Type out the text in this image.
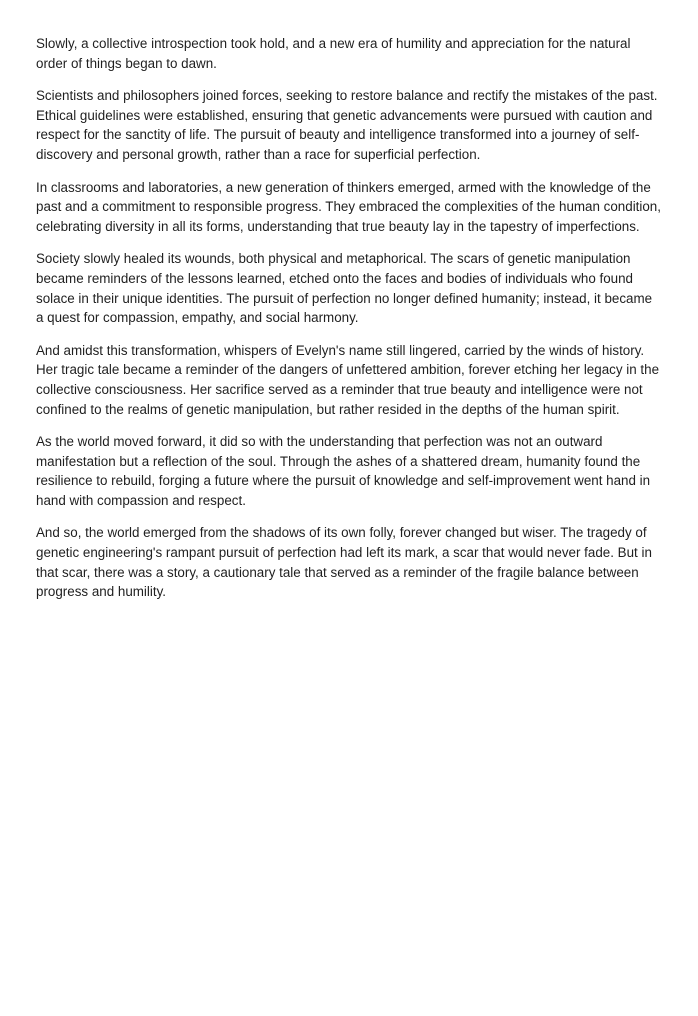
Slowly, a collective introspection took hold, and a new era of humility and appreciation for the natural order of things began to dawn.

Scientists and philosophers joined forces, seeking to restore balance and rectify the mistakes of the past. Ethical guidelines were established, ensuring that genetic advancements were pursued with caution and respect for the sanctity of life. The pursuit of beauty and intelligence transformed into a journey of self-discovery and personal growth, rather than a race for superficial perfection.

In classrooms and laboratories, a new generation of thinkers emerged, armed with the knowledge of the past and a commitment to responsible progress. They embraced the complexities of the human condition, celebrating diversity in all its forms, understanding that true beauty lay in the tapestry of imperfections.

Society slowly healed its wounds, both physical and metaphorical. The scars of genetic manipulation became reminders of the lessons learned, etched onto the faces and bodies of individuals who found solace in their unique identities. The pursuit of perfection no longer defined humanity; instead, it became a quest for compassion, empathy, and social harmony.

And amidst this transformation, whispers of Evelyn's name still lingered, carried by the winds of history. Her tragic tale became a reminder of the dangers of unfettered ambition, forever etching her legacy in the collective consciousness. Her sacrifice served as a reminder that true beauty and intelligence were not confined to the realms of genetic manipulation, but rather resided in the depths of the human spirit.

As the world moved forward, it did so with the understanding that perfection was not an outward manifestation but a reflection of the soul. Through the ashes of a shattered dream, humanity found the resilience to rebuild, forging a future where the pursuit of knowledge and self-improvement went hand in hand with compassion and respect.

And so, the world emerged from the shadows of its own folly, forever changed but wiser. The tragedy of genetic engineering's rampant pursuit of perfection had left its mark, a scar that would never fade. But in that scar, there was a story, a cautionary tale that served as a reminder of the fragile balance between progress and humility.
